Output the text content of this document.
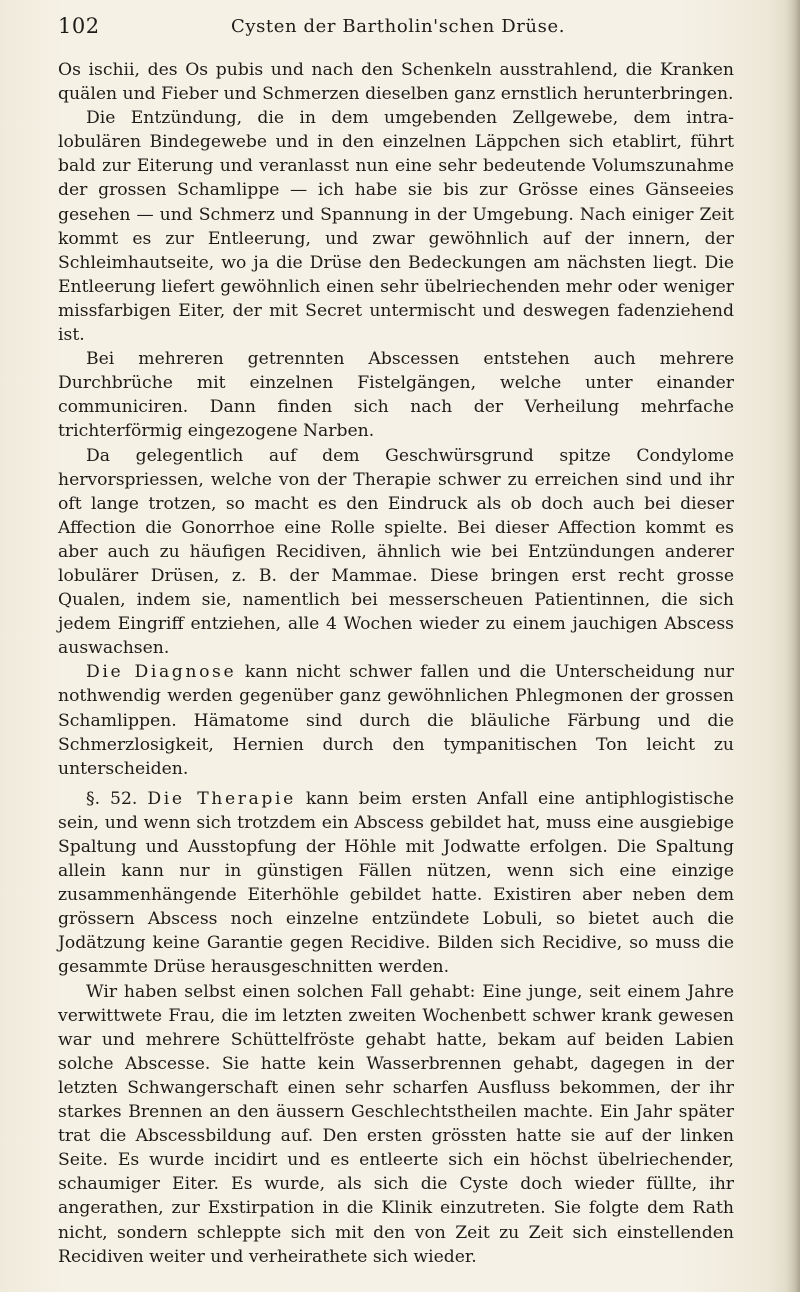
102	Cysten der Bartholin'schen Drüse.

Os ischii, des Os pubis und nach den Schenkeln ausstrahlend, die Kranken quälen und Fieber und Schmerzen dieselben ganz ernstlich herunterbringen.

Die Entzündung, die in dem umgebenden Zellgewebe, dem intra-lobulären Bindegewebe und in den einzelnen Läppchen sich etablirt, führt bald zur Eiterung und veranlasst nun eine sehr bedeutende Volumszunahme der grossen Schamlippe — ich habe sie bis zur Grösse eines Gänseeies gesehen — und Schmerz und Spannung in der Umgebung. Nach einiger Zeit kommt es zur Entleerung, und zwar gewöhnlich auf der innern, der Schleimhautseite, wo ja die Drüse den Bedeckungen am nächsten liegt. Die Entleerung liefert gewöhnlich einen sehr übelriechenden mehr oder weniger missfarbigen Eiter, der mit Secret untermischt und deswegen fadenziehend ist.

Bei mehreren getrennten Abscessen entstehen auch mehrere Durchbrüche mit einzelnen Fistelgängen, welche unter einander communiciren. Dann finden sich nach der Verheilung mehrfache trichterförmig eingezogene Narben.

Da gelegentlich auf dem Geschwürsgrund spitze Condylome hervorspriessen, welche von der Therapie schwer zu erreichen sind und ihr oft lange trotzen, so macht es den Eindruck als ob doch auch bei dieser Affection die Gonorrhoe eine Rolle spielte. Bei dieser Affection kommt es aber auch zu häufigen Recidiven, ähnlich wie bei Entzündungen anderer lobulärer Drüsen, z. B. der Mammae. Diese bringen erst recht grosse Qualen, indem sie, namentlich bei messerscheuen Patientinnen, die sich jedem Eingriff entziehen, alle 4 Wochen wieder zu einem jauchigen Abscess auswachsen.

Die Diagnose kann nicht schwer fallen und die Unterscheidung nur nothwendig werden gegenüber ganz gewöhnlichen Phlegmonen der grossen Schamlippen. Hämatome sind durch die bläuliche Färbung und die Schmerzlosigkeit, Hernien durch den tympanitischen Ton leicht zu unterscheiden.

§. 52. Die Therapie kann beim ersten Anfall eine antiphlogistische sein, und wenn sich trotzdem ein Abscess gebildet hat, muss eine ausgiebige Spaltung und Ausstopfung der Höhle mit Jodwatte erfolgen. Die Spaltung allein kann nur in günstigen Fällen nützen, wenn sich eine einzige zusammenhängende Eiterhöhle gebildet hatte. Existiren aber neben dem grössern Abscess noch einzelne entzündete Lobuli, so bietet auch die Jodätzung keine Garantie gegen Recidive. Bilden sich Recidive, so muss die gesammte Drüse herausgeschnitten werden.

Wir haben selbst einen solchen Fall gehabt: Eine junge, seit einem Jahre verwittwete Frau, die im letzten zweiten Wochenbett schwer krank gewesen war und mehrere Schüttelfröste gehabt hatte, bekam auf beiden Labien solche Abscesse. Sie hatte kein Wasserbrennen gehabt, dagegen in der letzten Schwangerschaft einen sehr scharfen Ausfluss bekommen, der ihr starkes Brennen an den äussern Geschlechtstheilen machte. Ein Jahr später trat die Abscessbildung auf. Den ersten grössten hatte sie auf der linken Seite. Es wurde incidirt und es entleerte sich ein höchst übelriechender, schaumiger Eiter. Es wurde, als sich die Cyste doch wieder füllte, ihr angerathen, zur Exstirpation in die Klinik einzutreten. Sie folgte dem Rath nicht, sondern schleppte sich mit den von Zeit zu Zeit sich einstellenden Recidiven weiter und verheirathete sich wieder.
